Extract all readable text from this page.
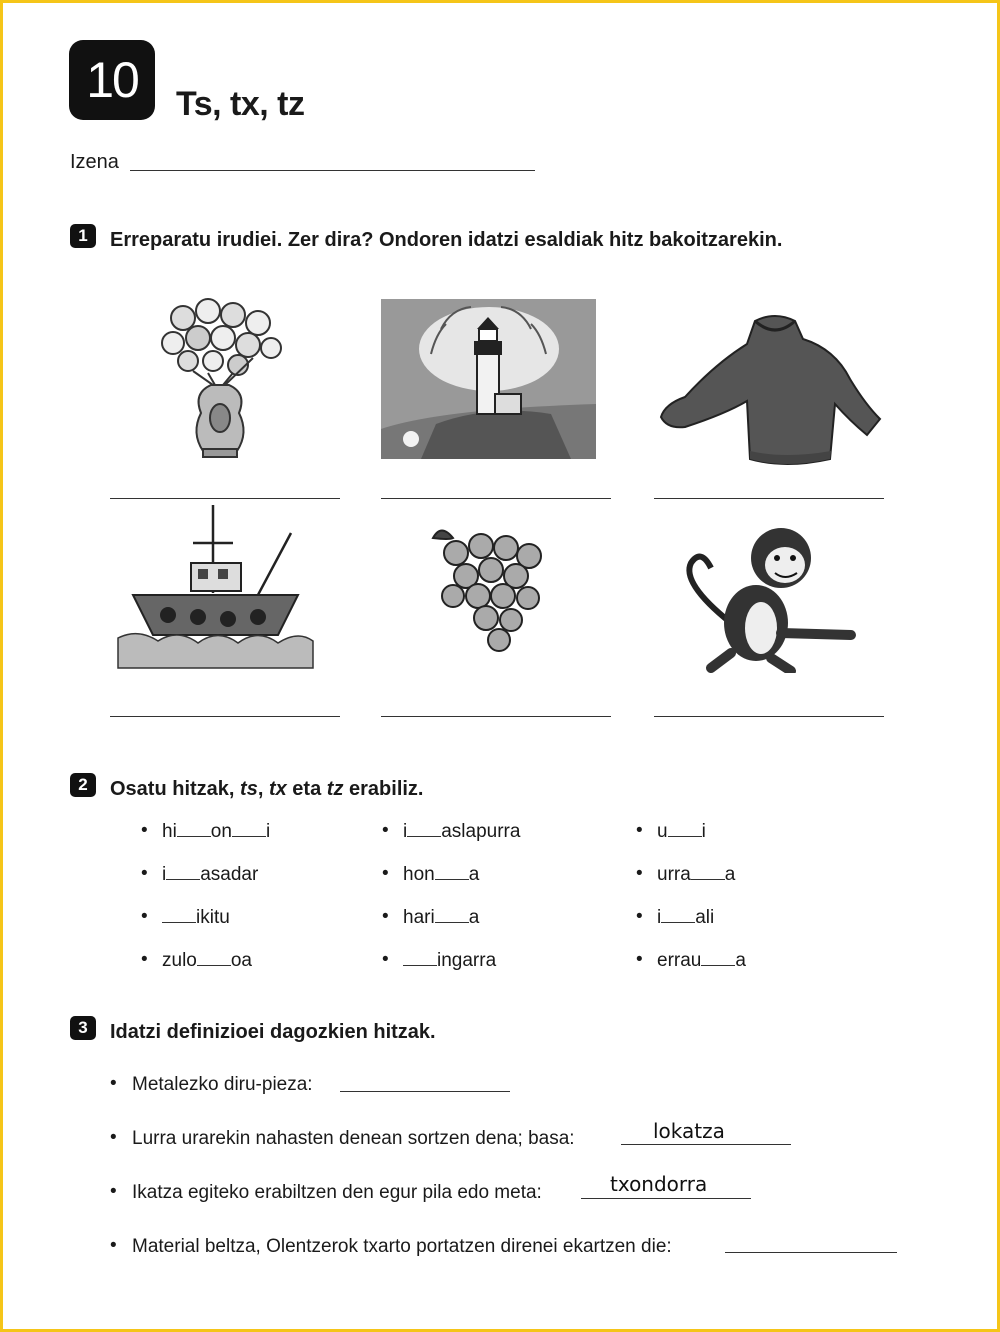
10	Ts, tx, tz
Izena
1	Erreparatu irudiei. Zer dira? Ondoren idatzi esaldiak hitz bakoitzarekin.
2	Osatu hitzak, ts, tx eta tz erabiliz.
• hi on i
• i asadar
•	ikitu
• zulo oa
• i aslapurra
• hon a
• hari a
•	ingarra
• u i
• urra a
• i ali
• errau a
3	Idatzi definizioei dagozkien hitzak.
• Metalezko diru-pieza:
• Lurra urarekin nahasten denean sortzen dena; basa:	lokatza
• Ikatza egiteko erabiltzen den egur pila edo meta:	txondorra
• Material beltza, Olentzerok txarto portatzen direnei ekartzen die:
